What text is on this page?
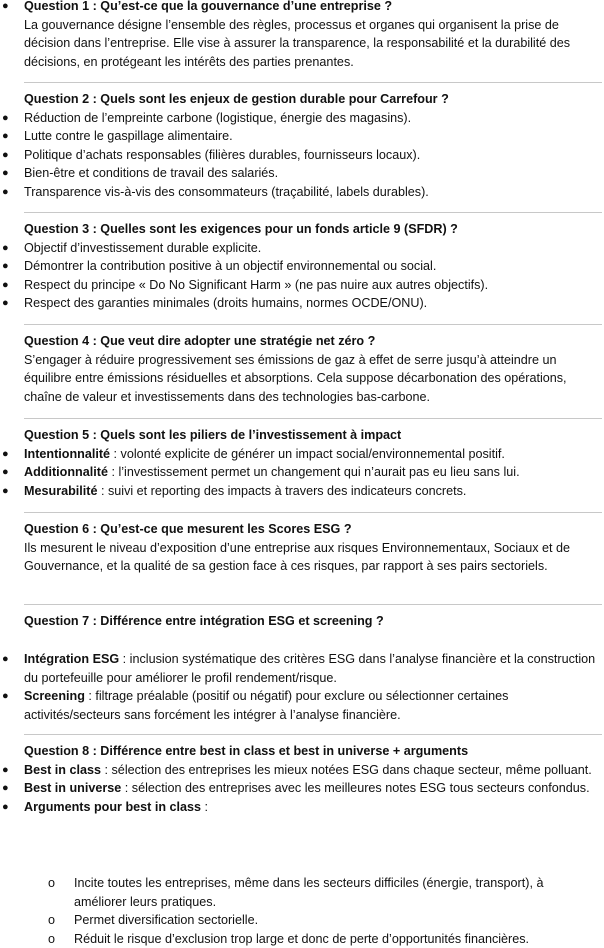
● Question 1 : Qu’est-ce que la gouvernance d’une entreprise ?
La gouvernance désigne l’ensemble des règles, processus et organes qui organisent la prise de décision dans l’entreprise. Elle vise à assurer la transparence, la responsabilité et la durabilité des décisions, en protégeant les intérêts des parties prenantes.
Question 2 : Quels sont les enjeux de gestion durable pour Carrefour ?
● Réduction de l’empreinte carbone (logistique, énergie des magasins).
● Lutte contre le gaspillage alimentaire.
● Politique d’achats responsables (filières durables, fournisseurs locaux).
● Bien-être et conditions de travail des salariés.
● Transparence vis-à-vis des consommateurs (traçabilité, labels durables).
Question 3 : Quelles sont les exigences pour un fonds article 9 (SFDR) ?
● Objectif d’investissement durable explicite.
● Démontrer la contribution positive à un objectif environnemental ou social.
● Respect du principe « Do No Significant Harm » (ne pas nuire aux autres objectifs).
● Respect des garanties minimales (droits humains, normes OCDE/ONU).
Question 4 : Que veut dire adopter une stratégie net zéro ?
S’engager à réduire progressivement ses émissions de gaz à effet de serre jusqu’à atteindre un équilibre entre émissions résiduelles et absorptions. Cela suppose décarbonation des opérations, chaîne de valeur et investissements dans des technologies bas-carbone.
Question 5 : Quels sont les piliers de l’investissement à impact
● Intentionnalité : volonté explicite de générer un impact social/environnemental positif.
● Additionnalité : l’investissement permet un changement qui n’aurait pas eu lieu sans lui.
● Mesurabilité : suivi et reporting des impacts à travers des indicateurs concrets.
Question 6 : Qu’est-ce que mesurent les Scores ESG ?
Ils mesurent le niveau d’exposition d’une entreprise aux risques Environnementaux, Sociaux et de Gouvernance, et la qualité de sa gestion face à ces risques, par rapport à ses pairs sectoriels.
Question 7 : Différence entre intégration ESG et screening ?
● Intégration ESG : inclusion systématique des critères ESG dans l’analyse financière et la construction du portefeuille pour améliorer le profil rendement/risque.
● Screening : filtrage préalable (positif ou négatif) pour exclure ou sélectionner certaines activités/secteurs sans forcément les intégrer à l’analyse financière.
Question 8 : Différence entre best in class et best in universe + arguments
● Best in class : sélection des entreprises les mieux notées ESG dans chaque secteur, même polluant.
● Best in universe : sélection des entreprises avec les meilleures notes ESG tous secteurs confondus.
● Arguments pour best in class :
o Incite toutes les entreprises, même dans les secteurs difficiles (énergie, transport), à améliorer leurs pratiques.
o Permet diversification sectorielle.
o Réduit le risque d’exclusion trop large et donc de perte d’opportunités financières.
